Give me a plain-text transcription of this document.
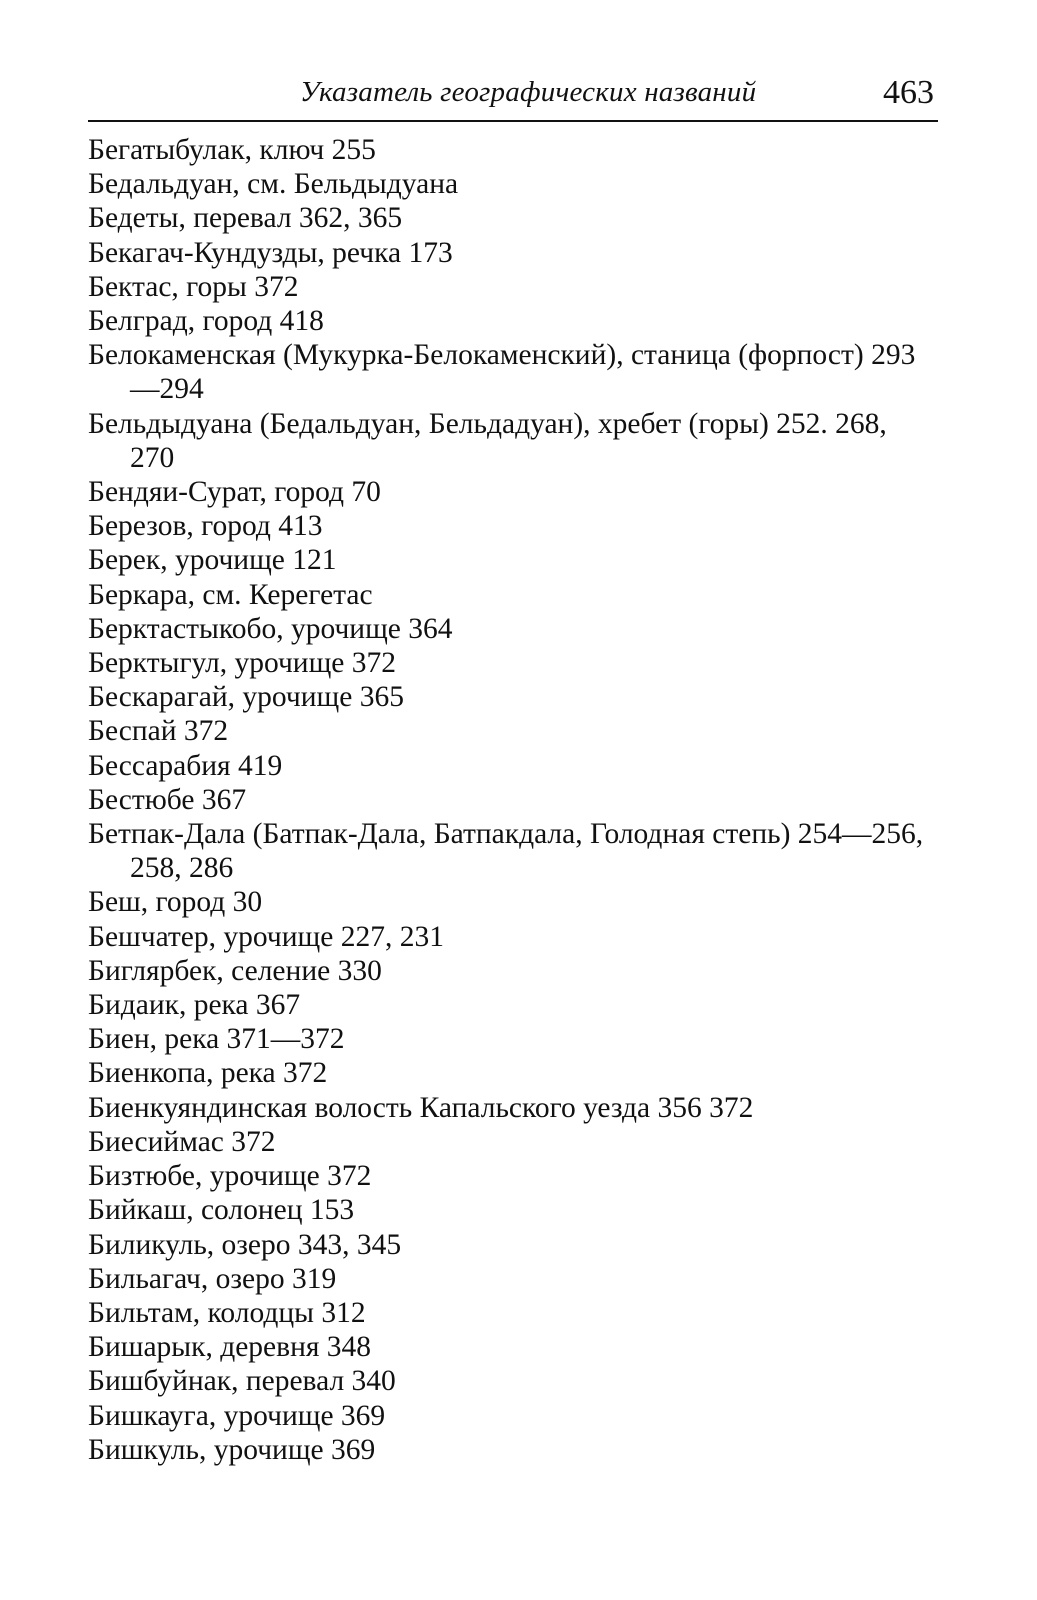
Указатель географических названий	463
Бегатыбулак, ключ 255
Бедальдуан, см. Бельдыдуана
Бедеты, перевал 362, 365
Бекагач-Кундузды, речка 173
Бектас, горы 372
Белград, город 418
Белокаменская (Мукурка-Белокаменский), станица (форпост) 293—294
Бельдыдуана (Бедальдуан, Бельдадуан), хребет (горы) 252. 268, 270
Бендяи-Сурат, город 70
Березов, город 413
Берек, урочище 121
Беркара, см. Керегетас
Берктастыкобо, урочище 364
Берктыгул, урочище 372
Бескарагай, урочище 365
Беспай 372
Бессарабия 419
Бестюбе 367
Бетпак-Дала (Батпак-Дала, Батпакдала, Голодная степь) 254—256, 258, 286
Беш, город 30
Бешчатер, урочище 227, 231
Биглярбек, селение 330
Бидаик, река 367
Биен, река 371—372
Биенкопа, река 372
Биенкуяндинская волость Капальского уезда 356 372
Биесиймас 372
Бизтюбе, урочище 372
Бийкаш, солонец 153
Биликуль, озеро 343, 345
Бильагач, озеро 319
Бильтам, колодцы 312
Бишарык, деревня 348
Бишбуйнак, перевал 340
Бишкауга, урочище 369
Бишкуль, урочище 369
